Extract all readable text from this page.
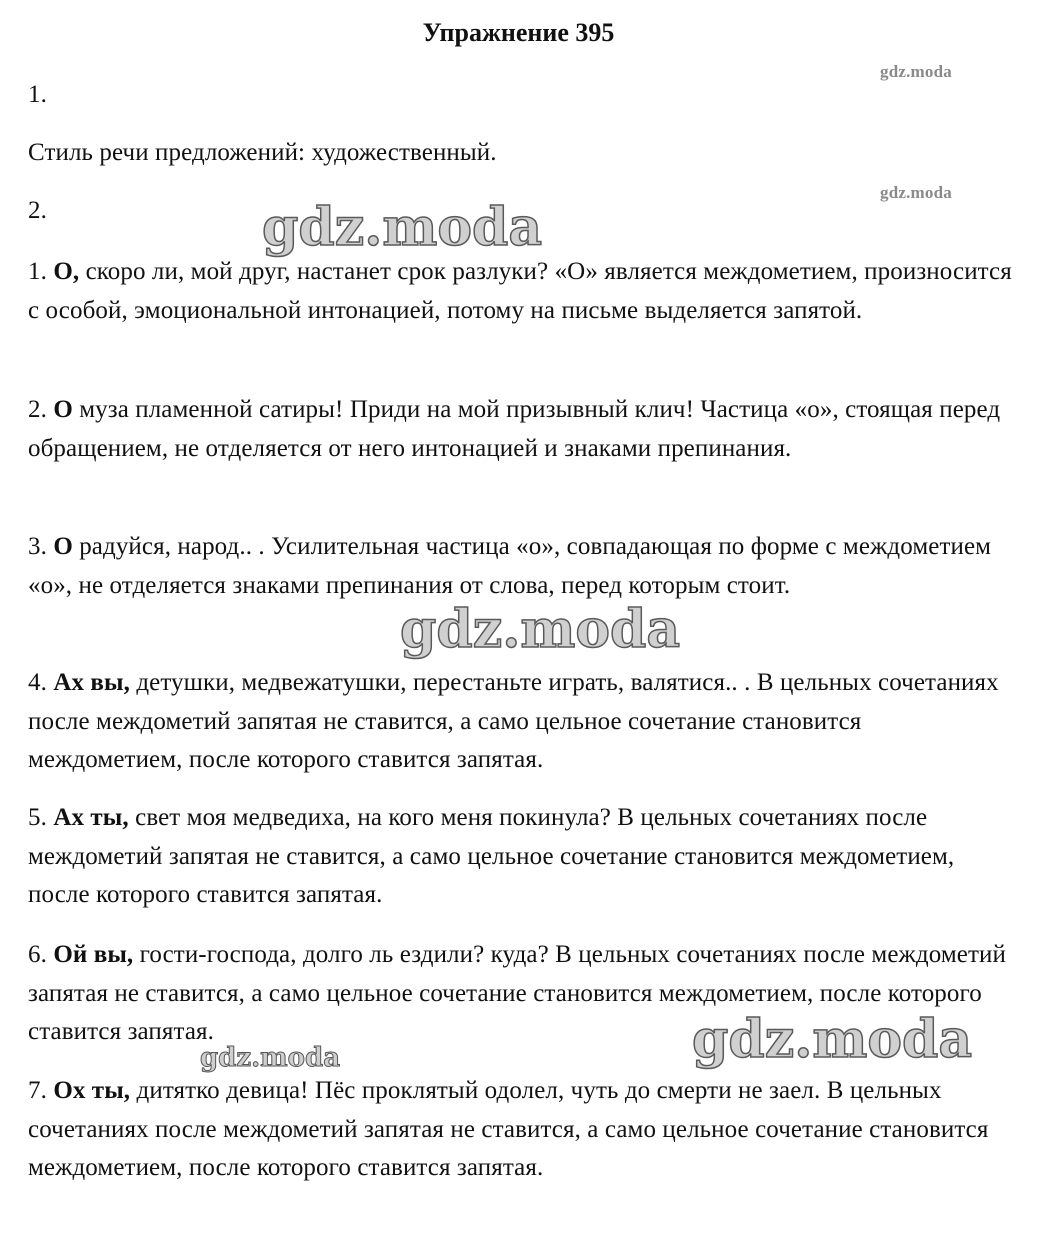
gdz.moda
gdz.moda
gdz.moda
gdz.moda
gdz.moda
gdz.moda
Упражнение 395
1.
Стиль речи предложений: художественный.
2.
1. О, скоро ли, мой друг, настанет срок разлуки? «О» является междометием, произносится с особой, эмоциональной интонацией, потому на письме выделяется запятой.
2. О муза пламенной сатиры! Приди на мой призывный клич! Частица «о», стоящая перед обращением, не отделяется от него интонацией и знаками препинания.
3. О радуйся, народ.. . Усилительная частица «о», совпадающая по форме с междометием «о», не отделяется знаками препинания от слова, перед которым стоит.
4. Ах вы, детушки, медвежатушки, перестаньте играть, валятися.. . В цельных сочетаниях после междометий запятая не ставится, а само цельное сочетание становится междометием, после которого ставится запятая.
5. Ах ты, свет моя медведиха, на кого меня покинула? В цельных сочетаниях после междометий запятая не ставится, а само цельное сочетание становится междометием, после которого ставится запятая.
6. Ой вы, гости-господа, долго ль ездили? куда? В цельных сочетаниях после междометий запятая не ставится, а само цельное сочетание становится междометием, после которого ставится запятая.
7. Ох ты, дитятко девица! Пёс проклятый одолел, чуть до смерти не заел. В цельных сочетаниях после междометий запятая не ставится, а само цельное сочетание становится междометием, после которого ставится запятая.
